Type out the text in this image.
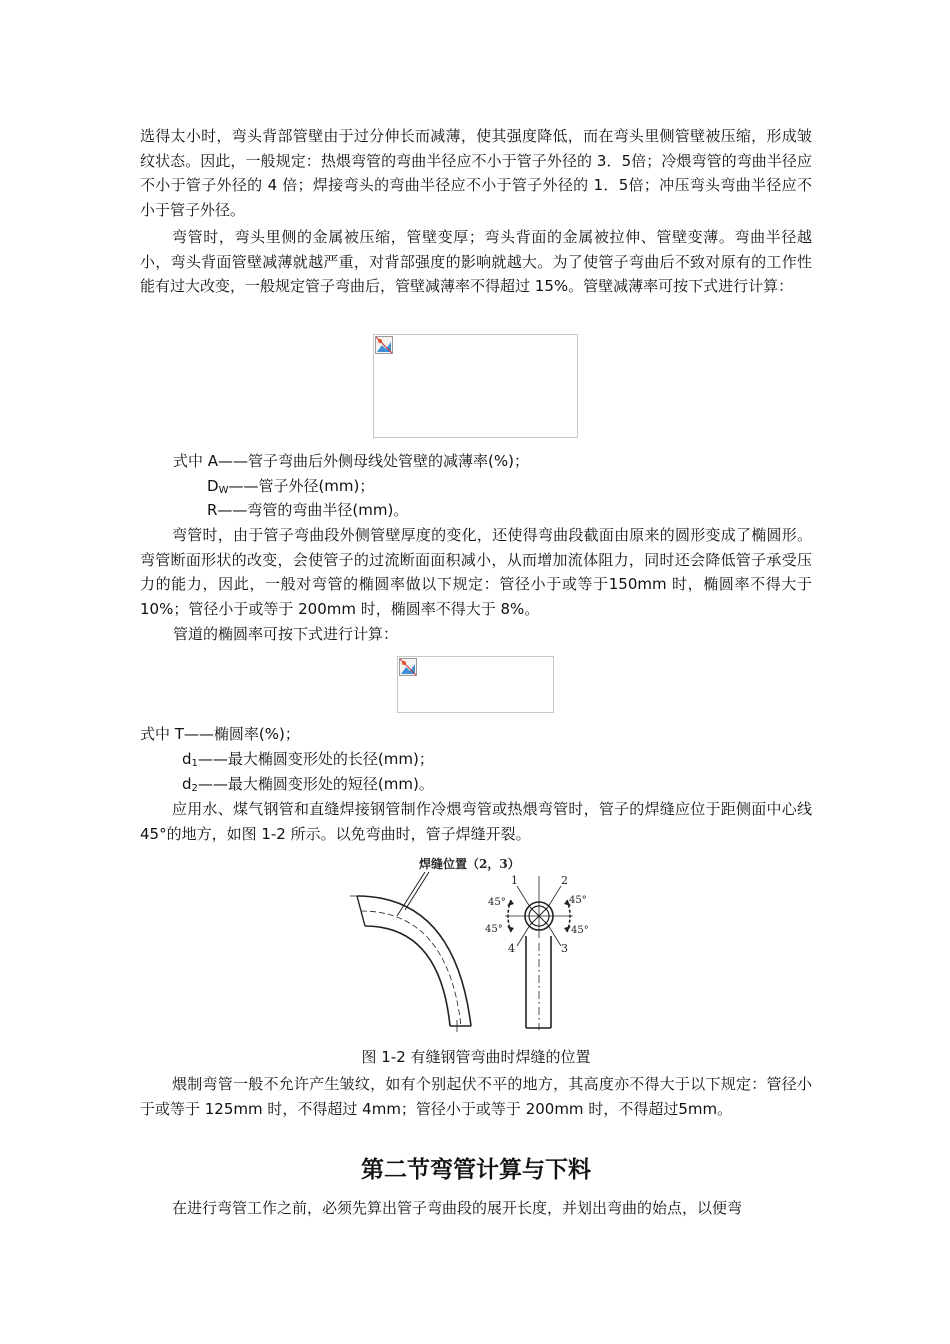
选得太小时，弯头背部管壁由于过分伸长而减薄，使其强度降低，而在弯头里侧管壁被压缩，形成皱纹状态。因此，一般规定：热煨弯管的弯曲半径应不小于管子外径的 3．5倍；冷煨弯管的弯曲半径应不小于管子外径的 4 倍；焊接弯头的弯曲半径应不小于管子外径的 1．5倍；冲压弯头弯曲半径应不小于管子外径。

弯管时，弯头里侧的金属被压缩，管壁变厚；弯头背面的金属被拉伸、管壁变薄。弯曲半径越小，弯头背面管壁减薄就越严重，对背部强度的影响就越大。为了使管子弯曲后不致对原有的工作性能有过大改变，一般规定管子弯曲后，管壁减薄率不得超过 15%。管壁减薄率可按下式进行计算：

式中 A——管子弯曲后外侧母线处管壁的减薄率(%)；
$D_W——$管子外径(mm)；
R——弯管的弯曲半径(mm)。

弯管时，由于管子弯曲段外侧管壁厚度的变化，还使得弯曲段截面由原来的圆形变成了椭圆形。弯管断面形状的改变，会使管子的过流断面面积减小，从而增加流体阻力，同时还会降低管子承受压力的能力，因此，一般对弯管的椭圆率做以下规定：管径小于或等于150mm 时，椭圆率不得大于 10%；管径小于或等于 200mm 时，椭圆率不得大于 8%。

管道的椭圆率可按下式进行计算：
式中 T——椭圆率(%)；
$d_1——$最大椭圆变形处的长径(mm)；
$d_2——$最大椭圆变形处的短径(mm)。

应用水、煤气钢管和直缝焊接钢管制作冷煨弯管或热煨弯管时，管子的焊缝应位于距侧面中心线 45°的地方，如图 1-2 所示。以免弯曲时，管子焊缝开裂。

焊缝位置（2，3）
1	2
3
4
45°	45°
45°	45°
图 1-2 有缝钢管弯曲时焊缝的位置

煨制弯管一般不允许产生皱纹，如有个别起伏不平的地方，其高度亦不得大于以下规定：管径小于或等于 125mm 时，不得超过 4mm；管径小于或等于 200mm 时，不得超过5mm。

第二节弯管计算与下料

在进行弯管工作之前，必须先算出管子弯曲段的展开长度，并划出弯曲的始点，以便弯
